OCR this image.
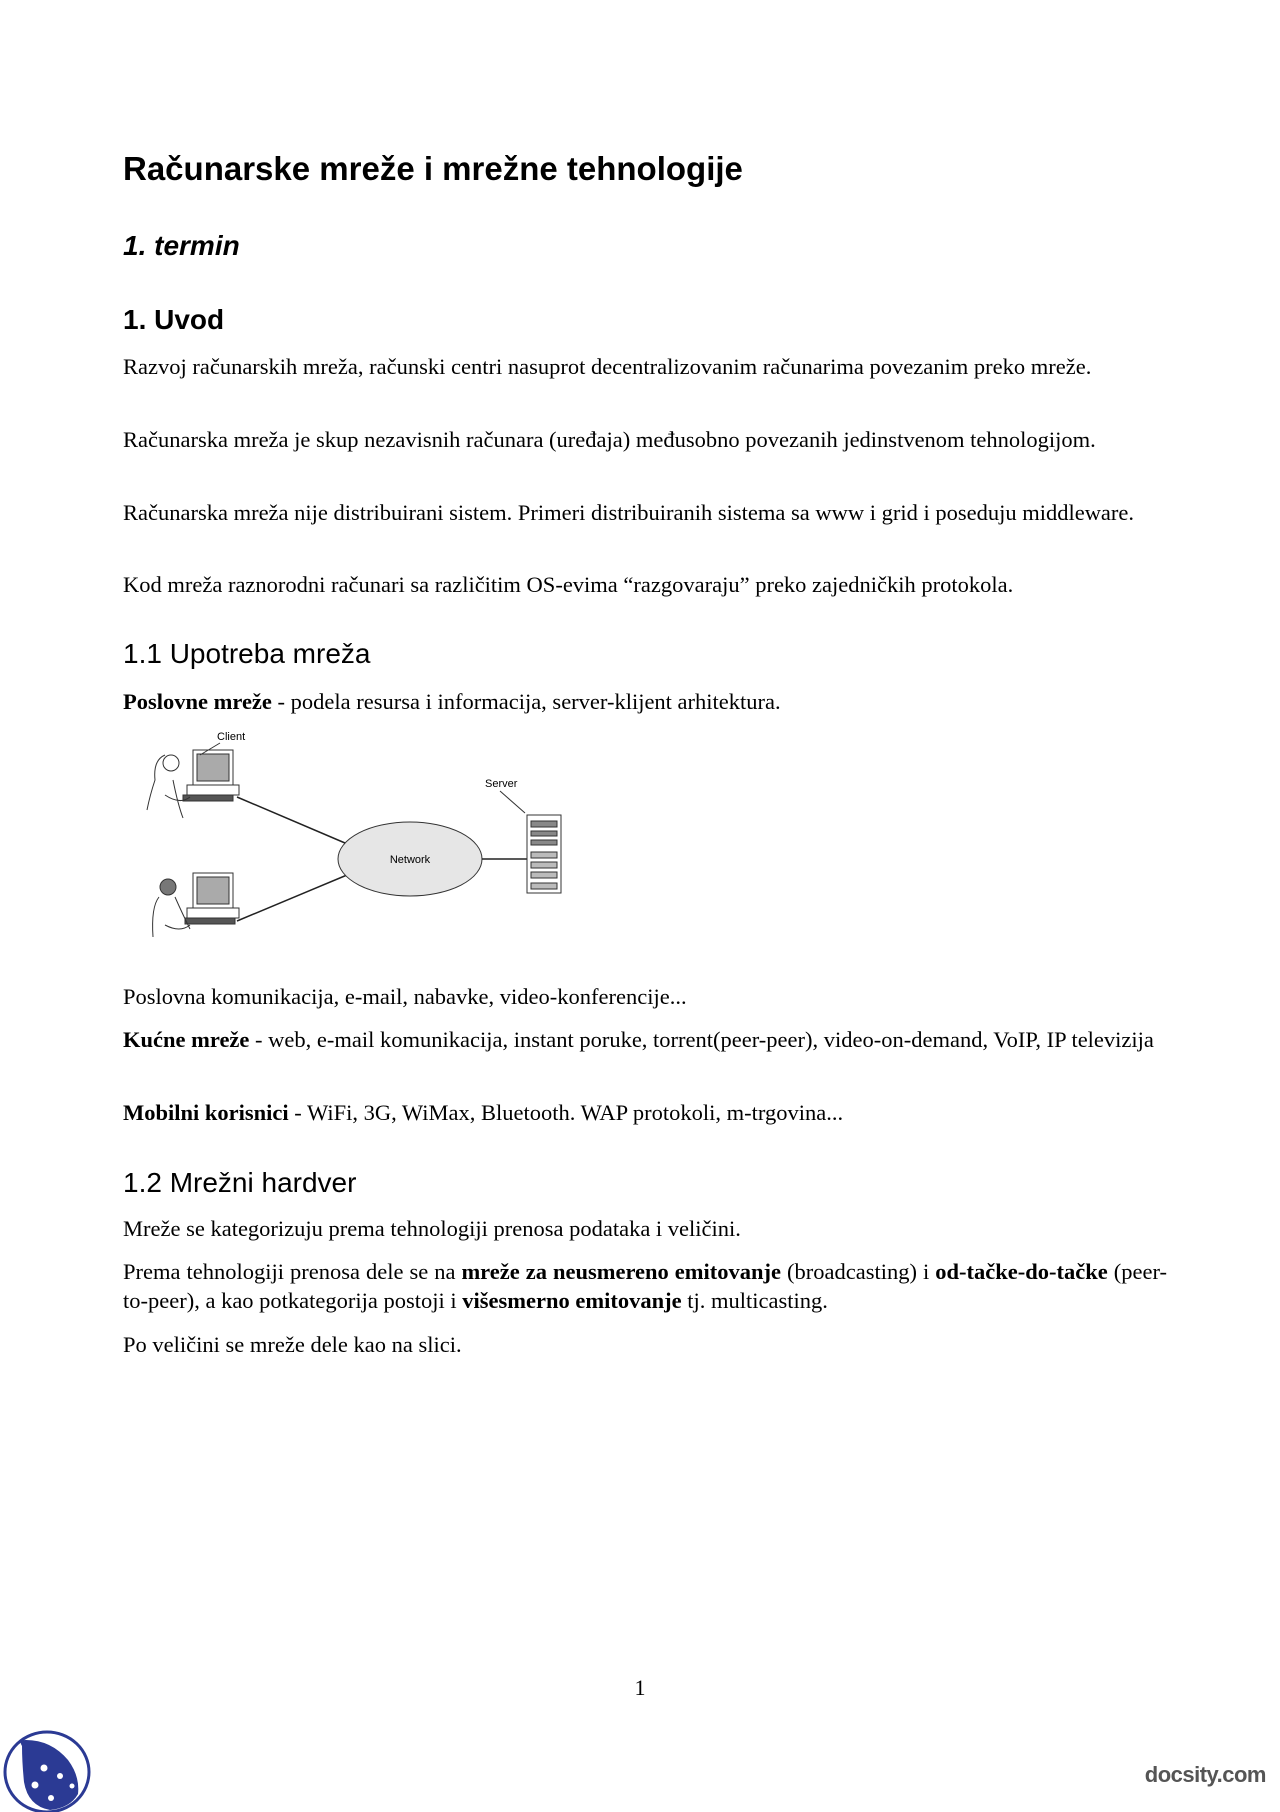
Računarske mreže i mrežne tehnologije
1. termin
1. Uvod

Razvoj računarskih mreža, računski centri nasuprot decentralizovanim računarima povezanim preko mreže.

Računarska mreža je skup nezavisnih računara (uređaja) međusobno povezanih jedinstvenom tehnologijom.

Računarska mreža nije distribuirani sistem. Primeri distribuiranih sistema sa www i grid i poseduju middleware.

Kod mreža raznorodni računari sa različitim OS-evima “razgovaraju” preko zajedničkih protokola.

1.1 Upotreba mreža

Poslovne mreže - podela resursa i informacija, server-klijent arhitektura.

Client
Network
Server

Poslovna komunikacija, e-mail, nabavke, video-konferencije...

Kućne mreže - web, e-mail komunikacija, instant poruke, torrent(peer-peer), video-on-demand, VoIP, IP televizija

Mobilni korisnici - WiFi, 3G, WiMax, Bluetooth. WAP protokoli, m-trgovina...

1.2 Mrežni hardver

Mreže se kategorizuju prema tehnologiji prenosa podataka i veličini.

Prema tehnologiji prenosa dele se na mreže za neusmereno emitovanje (broadcasting) i od-tačke-do-tačke (peer-to-peer), a kao potkategorija postoji i višesmerno emitovanje tj. multicasting.

Po veličini se mreže dele kao na slici.

1
docsity.com
